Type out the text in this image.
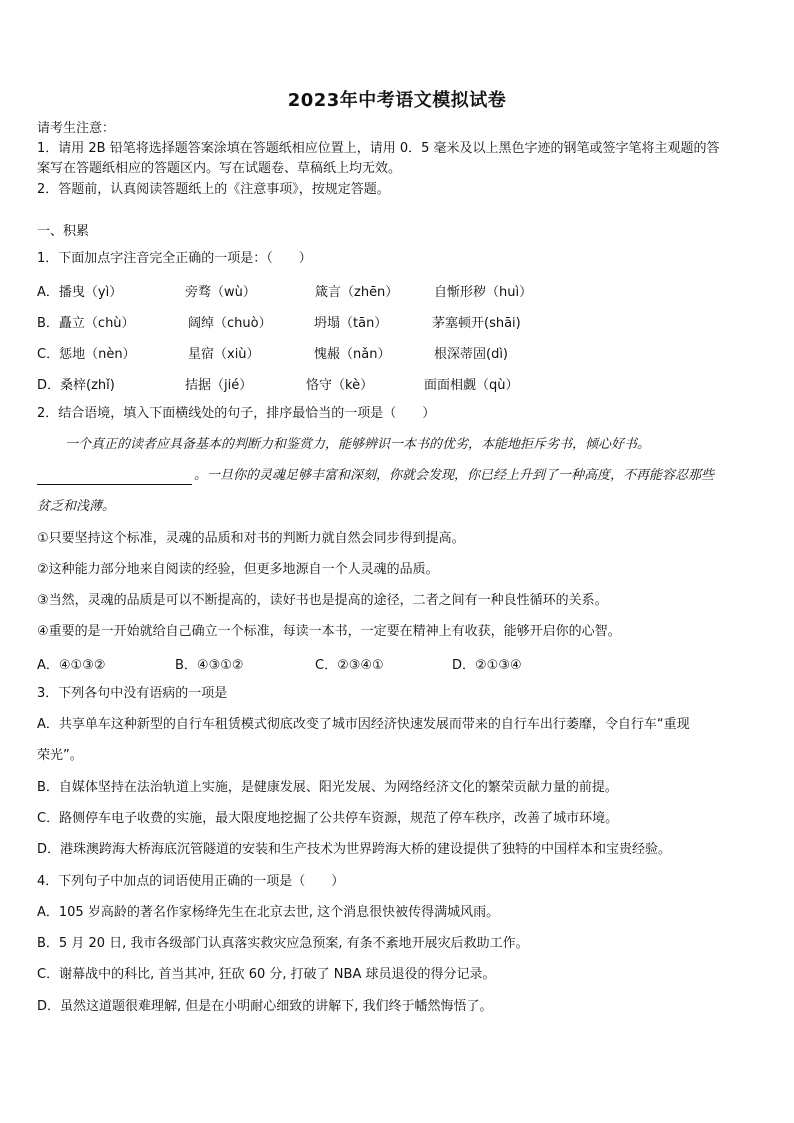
2023年中考语文模拟试卷
请考生注意：
1．请用 2B 铅笔将选择题答案涂填在答题纸相应位置上，请用 0．5 毫米及以上黑色字迹的钢笔或签字笔将主观题的答
案写在答题纸相应的答题区内。写在试题卷、草稿纸上均无效。
2．答题前，认真阅读答题纸上的《注意事项》，按规定答题。
一、积累
1．下面加点字注音完全正确的一项是：（　　）
A．播曳（yì）	旁骛（wù）	箴言（zhēn）	自惭形秽（huì）
B．矗立（chù）	阔绰（chuò）	坍塌（tān）	茅塞顿开(shāi)
C．惩地（nèn）	星宿（xiù）	愧赧（nǎn）	根深蒂固(dì)
D．桑梓(zhǐ)	拮据（jié）	恪守（kè）	面面相觑（qù）
2．结合语境，填入下面横线处的句子，排序最恰当的一项是（　　）
一个真正的读者应具备基本的判断力和鉴赏力，能够辨识一本书的优劣，本能地拒斥劣书，倾心好书。
。一旦你的灵魂足够丰富和深刻，你就会发现，你已经上升到了一种高度，不再能容忍那些
贫乏和浅薄。
①只要坚持这个标准，灵魂的品质和对书的判断力就自然会同步得到提高。
②这种能力部分地来自阅读的经验，但更多地源自一个人灵魂的品质。
③当然，灵魂的品质是可以不断提高的，读好书也是提高的途径，二者之间有一种良性循环的关系。
④重要的是一开始就给自己确立一个标准，每读一本书，一定要在精神上有收获，能够开启你的心智。
A．④①③②	B．④③①②	C．②③④①	D．②①③④
3．下列各句中没有语病的一项是
A．共享单车这种新型的自行车租赁模式彻底改变了城市因经济快速发展而带来的自行车出行萎靡，令自行车“重现
荣光”。
B．自媒体坚持在法治轨道上实施，是健康发展、阳光发展、为网络经济文化的繁荣贡献力量的前提。
C．路侧停车电子收费的实施，最大限度地挖掘了公共停车资源，规范了停车秩序，改善了城市环境。
D．港珠澳跨海大桥海底沉管隧道的安装和生产技术为世界跨海大桥的建设提供了独特的中国样本和宝贵经验。
4．下列句子中加点的词语使用正确的一项是（　　）
A．105 岁高龄的著名作家杨绛先生在北京去世, 这个消息很快被传得满城风雨。
B．5 月 20 日, 我市各级部门认真落实救灾应急预案, 有条不紊地开展灾后救助工作。
C．谢幕战中的科比, 首当其冲, 狂砍 60 分, 打破了 NBA 球员退役的得分记录。
D．虽然这道题很难理解, 但是在小明耐心细致的讲解下, 我们终于幡然悔悟了。
